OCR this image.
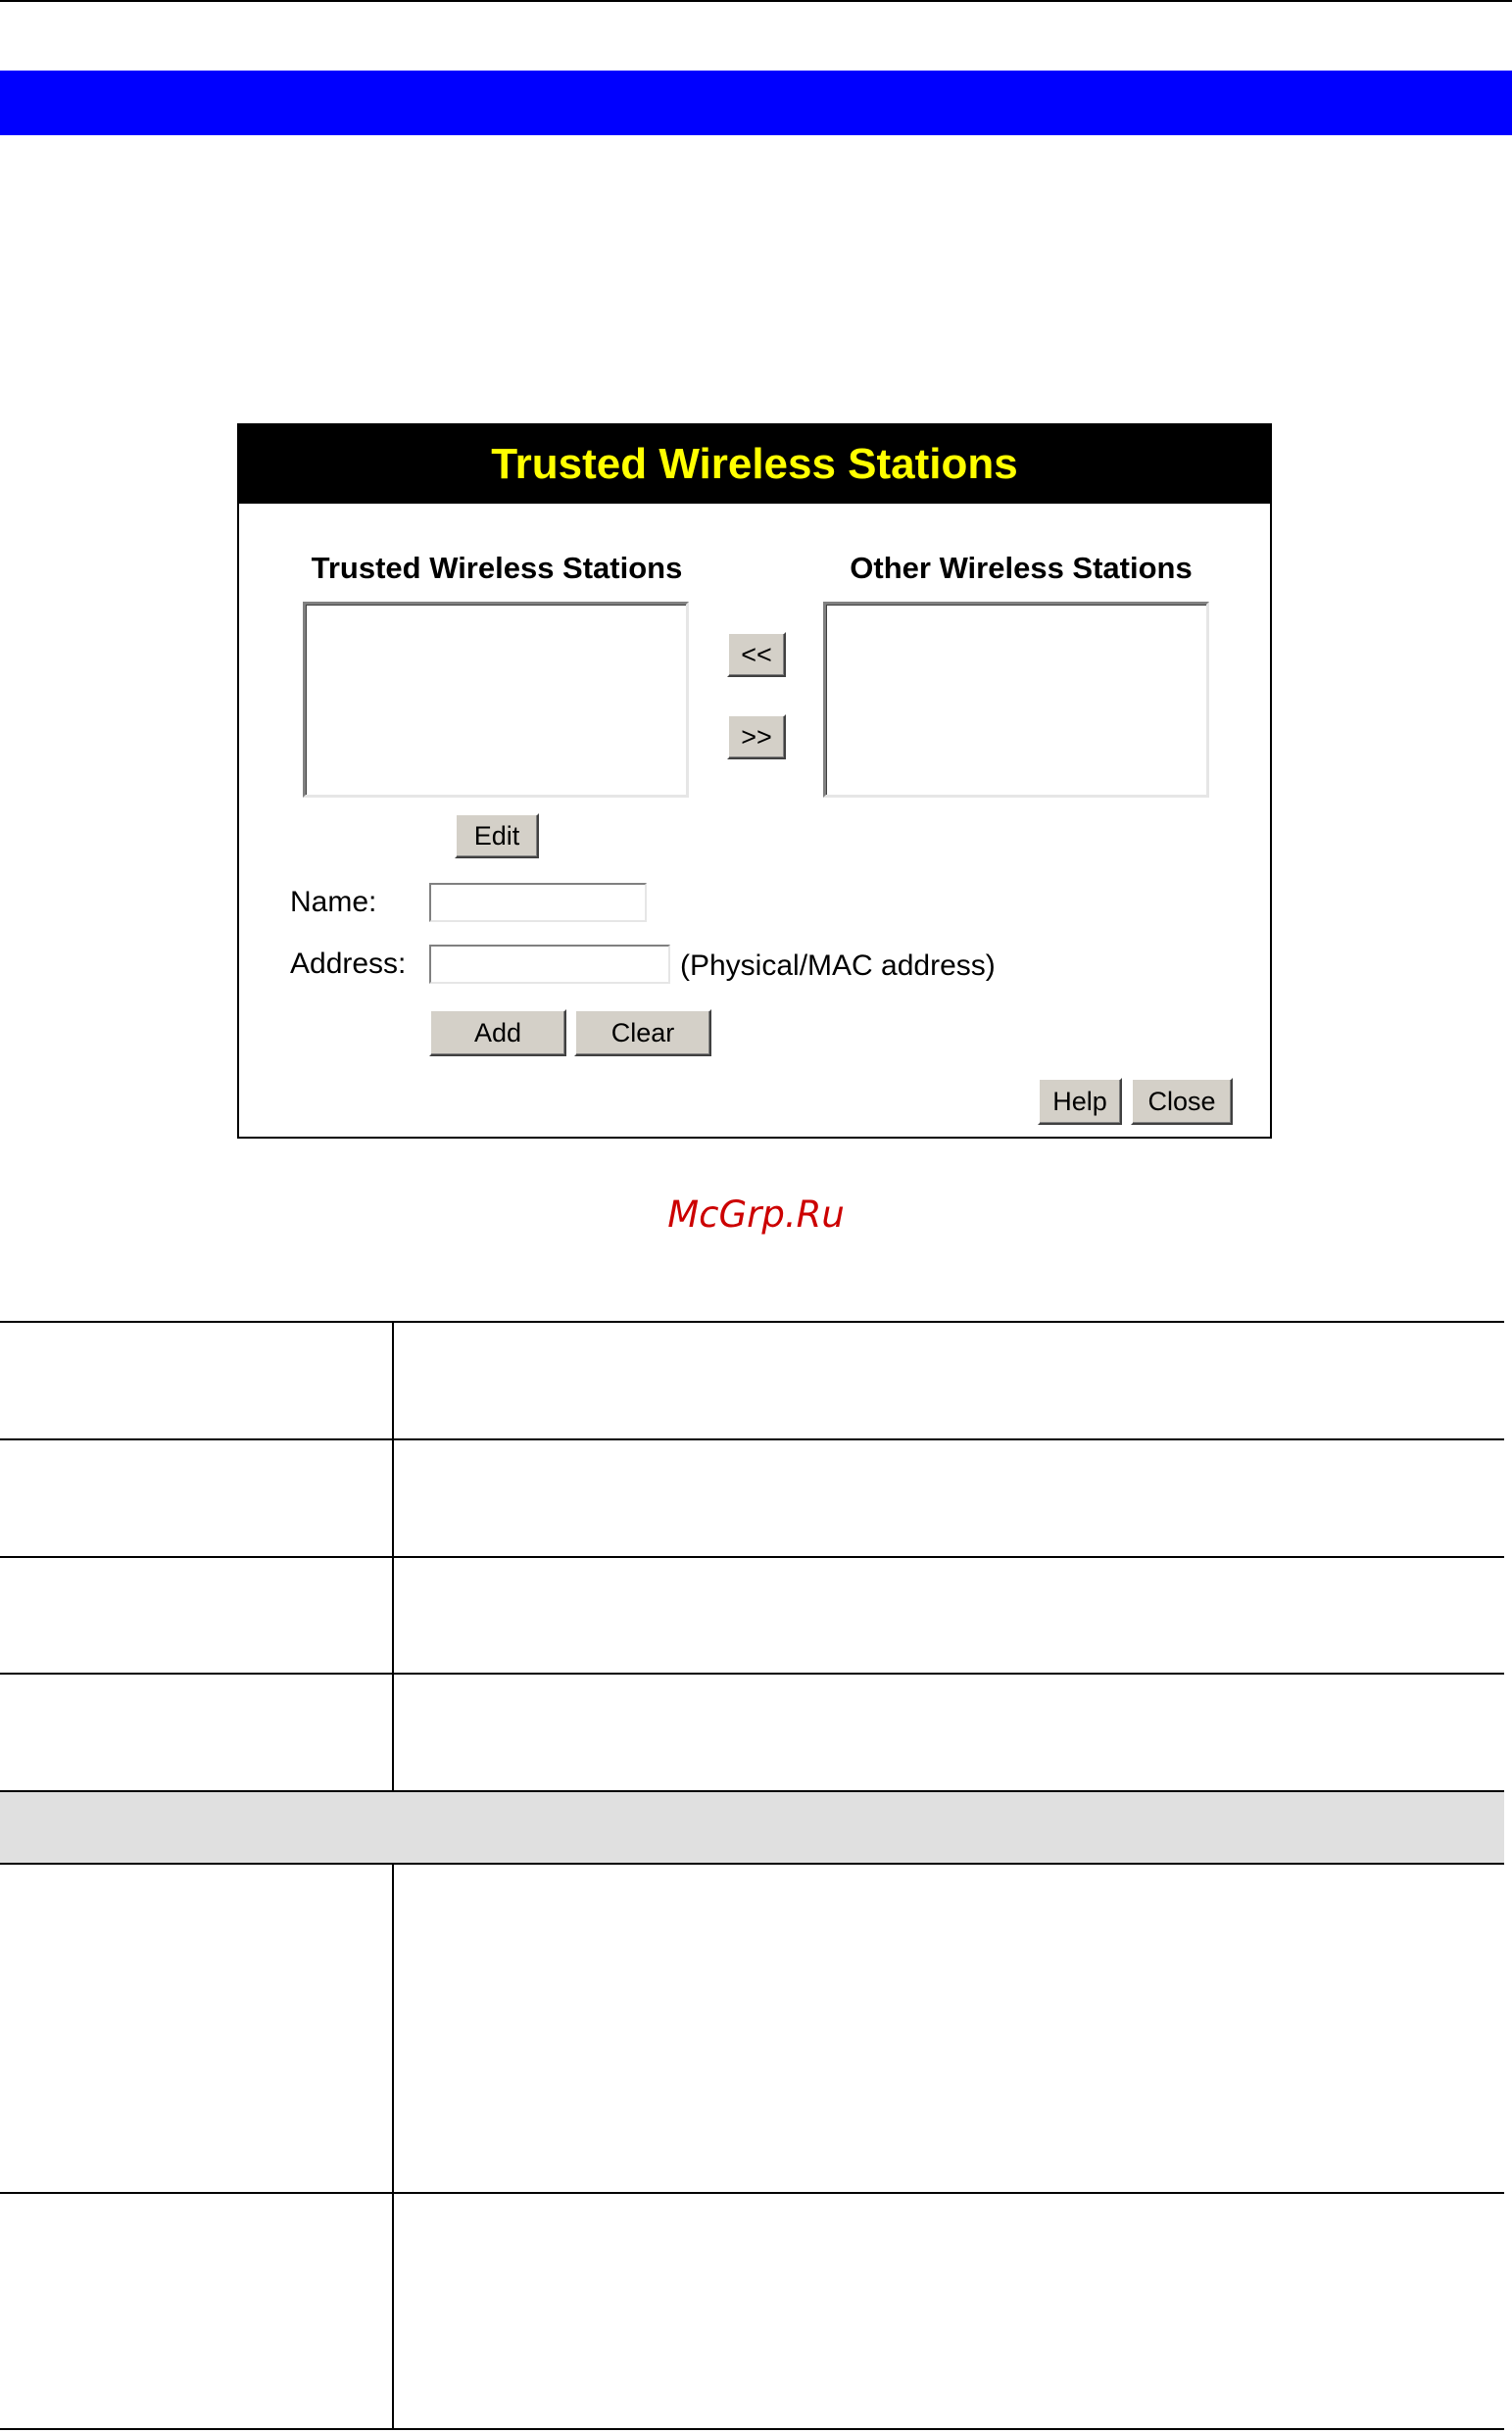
Trusted Wireless Stations
Trusted Wireless Stations	Other Wireless Stations
<<
>>
Edit
Name:
Address:	(Physical/MAC address)
Add	Clear
Help	Close
McGrp.Ru
